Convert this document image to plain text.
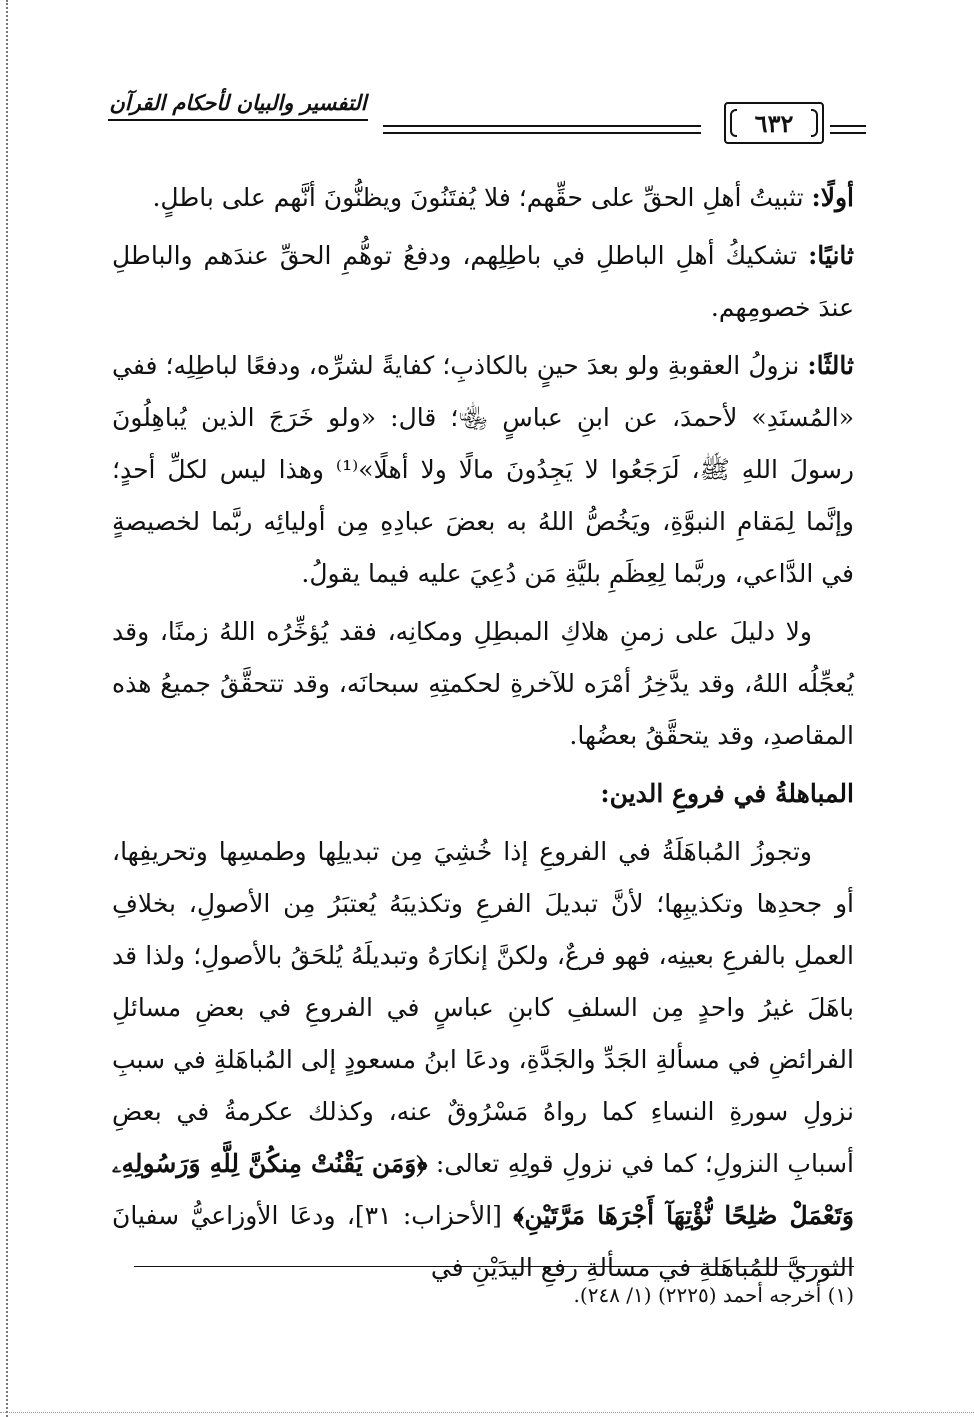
التفسير والبيان لأحكام القرآن
٦٣٢

أولًا: تثبيتُ أهلِ الحقِّ على حقِّهم؛ فلا يُفتَنُونَ ويظنُّونَ أنَّهم على باطلٍ.

ثانيًا: تشكيكُ أهلِ الباطلِ في باطِلِهم، ودفعُ توهُّمِ الحقِّ عندَهم والباطلِ عندَ خصومِهم.

ثالثًا: نزولُ العقوبةِ ولو بعدَ حينٍ بالكاذبِ؛ كفايةً لشرِّه، ودفعًا لباطِلِه؛ ففي «المُسنَدِ» لأحمدَ، عن ابنِ عباسٍ ﵄؛ قال: «ولو خَرَجَ الذين يُباهِلُونَ رسولَ اللهِ ﷺ، لَرَجَعُوا لا يَجِدُونَ مالًا ولا أهلًا»⁽¹⁾ وهذا ليس لكلِّ أحدٍ؛ وإنَّما لِمَقامِ النبوَّةِ، ويَخُصُّ اللهُ به بعضَ عبادِهِ مِن أوليائِه ربَّما لخصيصةٍ في الدَّاعي، وربَّما لِعِظَمِ بليَّةِ مَن دُعِيَ عليه فيما يقولُ.

ولا دليلَ على زمنِ هلاكِ المبطِلِ ومكانِه، فقد يُؤخِّرُه اللهُ زمنًا، وقد يُعجِّلُه اللهُ، وقد يدَّخِرُ أمْرَه للآخرةِ لحكمتِهِ سبحانَه، وقد تتحقَّقُ جميعُ هذه المقاصدِ، وقد يتحقَّقُ بعضُها.

المباهلةُ في فروعِ الدين:

وتجوزُ المُباهَلَةُ في الفروعِ إذا خُشِيَ مِن تبديلِها وطمسِها وتحريفِها، أو جحدِها وتكذيبِها؛ لأنَّ تبديلَ الفرعِ وتكذيبَهُ يُعتبَرُ مِن الأصولِ، بخلافِ العملِ بالفرعِ بعينِه، فهو فرعٌ، ولكنَّ إنكارَهُ وتبديلَهُ يُلحَقُ بالأصولِ؛ ولذا قد باهَلَ غيرُ واحدٍ مِن السلفِ كابنِ عباسٍ في الفروعِ في بعضِ مسائلِ الفرائضِ في مسألةِ الجَدِّ والجَدَّةِ، ودعَا ابنُ مسعودٍ إلى المُباهَلةِ في سببِ نزولِ سورةِ النساءِ كما رواهُ مَسْرُوقٌ عنه، وكذلك عكرمةُ في بعضِ أسبابِ النزولِ؛ كما في نزولِ قولِهِ تعالى: ﴿وَمَن يَقْنُتْ مِنكُنَّ لِلَّهِ وَرَسُولِهِۦ وَتَعْمَلْ صَٰلِحًا نُّؤْتِهَآ أَجْرَهَا مَرَّتَيْنِ﴾ [الأحزاب: ٣١]، ودعَا الأوزاعيُّ سفيانَ الثوريَّ للمُباهَلةِ في مسألةِ رفعِ اليدَيْنِ في

(١) أخرجه أحمد (٢٢٢٥) (١/ ٢٤٨).
